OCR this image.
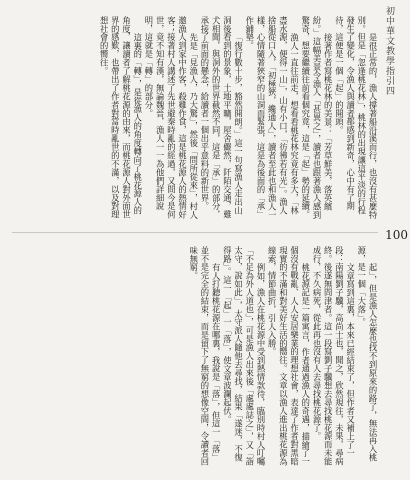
初中華文教學指引四
100

是很正常的，漁人撐著船沿溪而行，也沒有甚麼特別。但是「忽逢桃花林」，桃林的出現讓這平淡的行程發生了變化，令漁人與讀者都感到新奇，心中有了期待，這便是一個「起」的開頭。

接著作者寫桃花林的美景：「芳草鮮美，落英繽紛。」這幅美景令漁人「甚異之」，讀者也跟著漁人感到驚奇，想要繼續往前看個究竟，這是「起」勢的延續。

漁人一直往前走，想看看桃花林究竟有多大，「林盡水源，便得一山」，山有小口，「彷彿若有光」。漁人捨船從口入，「初極狹，纔通人」，讀者至此也和漁人一樣，心情隨著狹窄的山洞而緊張，這是為後面的「承」作鋪墊。

「復行數十步，豁然開朗。」這一句寫漁人走出山洞後看到的景象，土地平曠，屋舍儼然，阡陌交通，雞犬相聞，與洞外的世界截然不同，這是「承」的部分，承接了前面的懸念，給讀者一個出乎意料的新世界。

先是「見漁人，乃大驚」，然後「問所從來」，村人邀漁人到家中作客，殺雞作食，這是桃花源人的熱情好客；接著村人講述了先世避秦時亂的經過，又問今是何世，竟不知有漢，無論魏晉，漁人一一為他們詳細說明，這就是「轉」的部分。

這裏的「轉」，是從漁人的角度轉向了桃花源人的角度，讓讀者了解桃花源的由來，而桃花源人對外面世界的感歎，也帶出了作者對當時亂世的不滿，以及對理想社會的嚮往。

起」，但是漁人怎麼也找不到原來的路了，無法再入桃源，是一個「大落」。

文章寫到這裏，本來已經結束了，但作者又補上了一段：南陽劉子驥，高尚士也，聞之，欣然規往，未果，尋病終。後遂無問津者。這一段寫劉子驥想去尋找桃花源而未能成行，不久病死，從此再也沒有人去尋找桃花源了。

桃花源記是一篇寓言，作者通過漁人的奇遇，描繪了一個沒有戰亂、人人安居樂業的理想社會，表達了作者對黑暗現實的不滿和對美好生活的嚮往。文章以漁人進出桃花源為線索，情節曲折，引人入勝。

例如，漁人在桃花源中受到熱情款待，臨別時村人叮囑「不足為外人道也」，可是漁人出來後「處處誌之」，又「詣太守，說如此」，太守派人隨他去尋找，結果「遂迷，不復得路」。這一「起」一「落」，使文章波瀾起伏。

有人打聽桃花源在哪裏，我說是「落」，但這一「落」並不是完全的結束，而是留下了無窮的想像空間，令讀者回味無窮。
